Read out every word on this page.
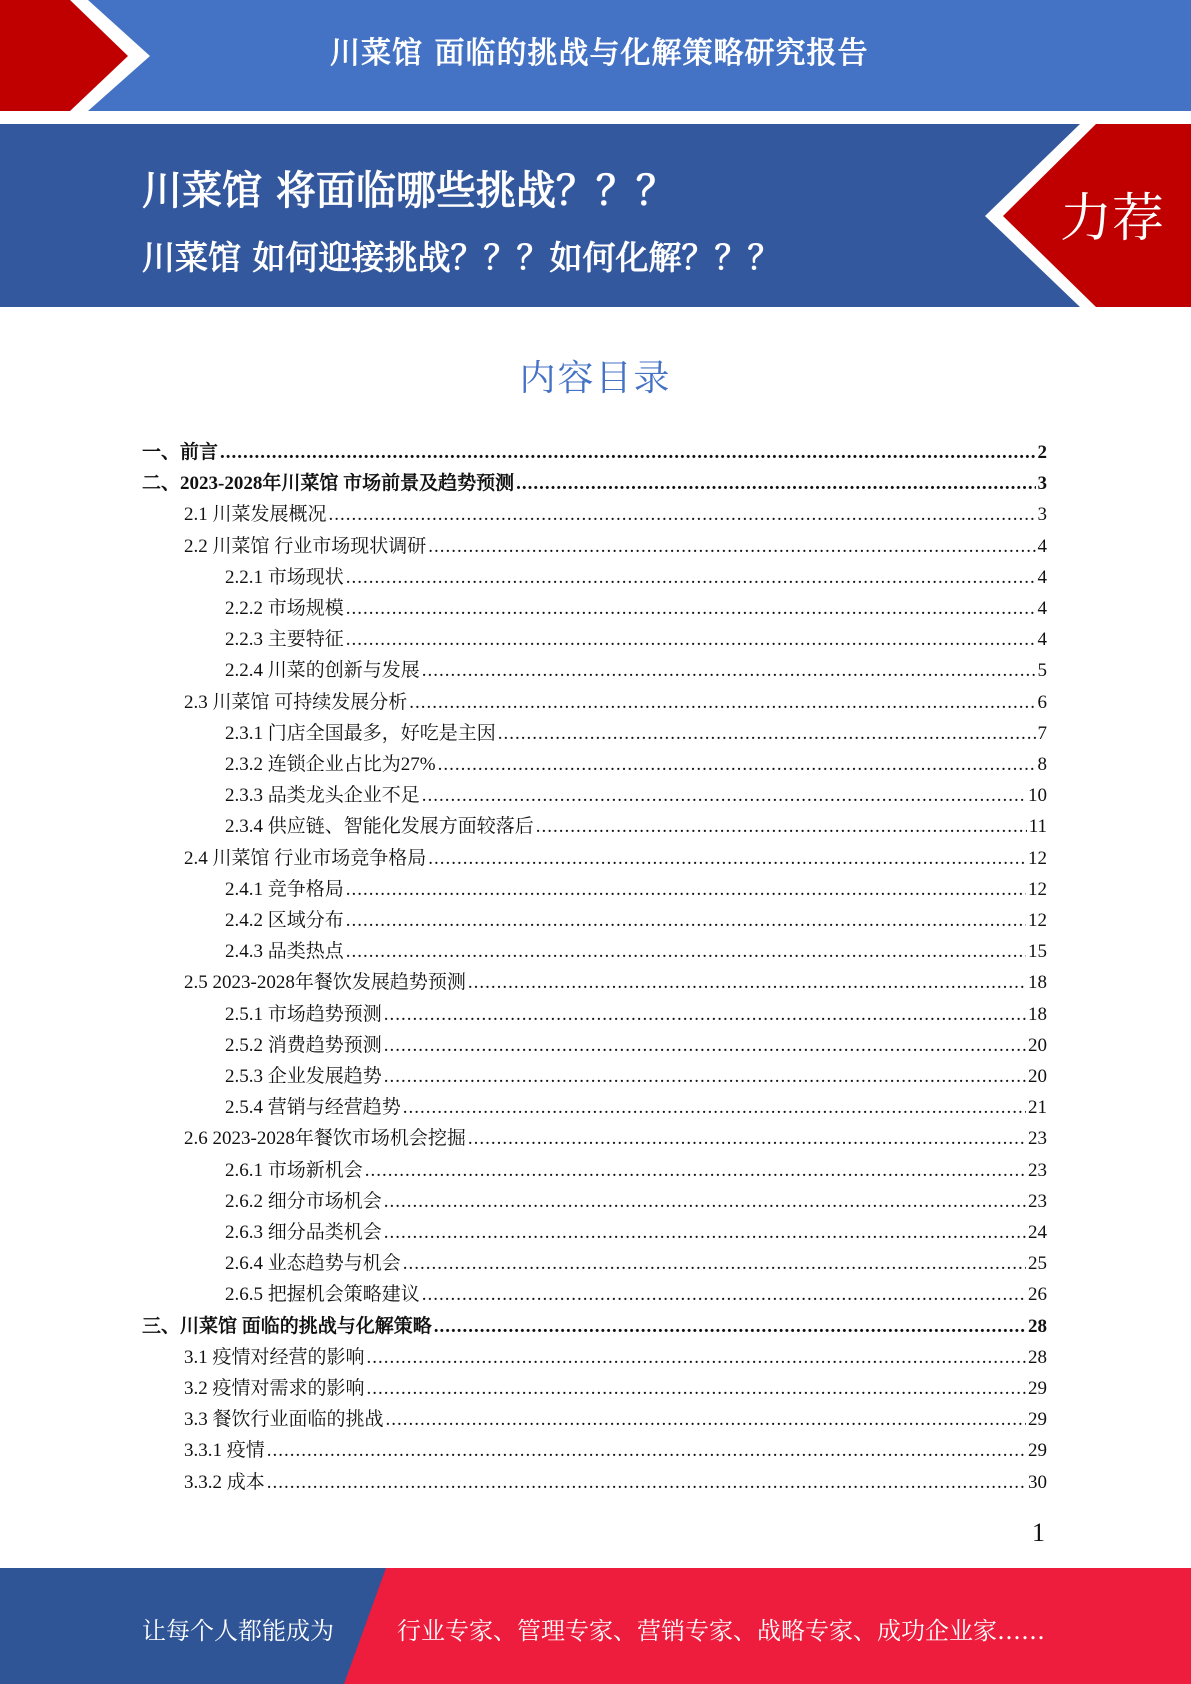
川菜馆 面临的挑战与化解策略研究报告
川菜馆 将面临哪些挑战？？？
川菜馆 如何迎接挑战？？？如何化解？？？
力荐
内容目录
一、前言 .....	2
二、2023-2028年川菜馆 市场前景及趋势预测 .....	3
2.1 川菜发展概况 .....	3
2.2 川菜馆 行业市场现状调研 .....	4
2.2.1 市场现状 .....	4
2.2.2 市场规模 .....	4
2.2.3 主要特征 .....	4
2.2.4 川菜的创新与发展 .....	5
2.3 川菜馆 可持续发展分析 .....	6
2.3.1 门店全国最多，好吃是主因 .....	7
2.3.2 连锁企业占比为27% .....	8
2.3.3 品类龙头企业不足 .....	10
2.3.4 供应链、智能化发展方面较落后 .....	11
2.4 川菜馆 行业市场竞争格局 .....	12
2.4.1 竞争格局 .....	12
2.4.2 区域分布 .....	12
2.4.3 品类热点 .....	15
2.5 2023-2028年餐饮发展趋势预测 .....	18
2.5.1 市场趋势预测 .....	18
2.5.2 消费趋势预测 .....	20
2.5.3 企业发展趋势 .....	20
2.5.4 营销与经营趋势 .....	21
2.6 2023-2028年餐饮市场机会挖掘 .....	23
2.6.1 市场新机会 .....	23
2.6.2 细分市场机会 .....	23
2.6.3 细分品类机会 .....	24
2.6.4 业态趋势与机会 .....	25
2.6.5 把握机会策略建议 .....	26
三、川菜馆 面临的挑战与化解策略 .....	28
3.1 疫情对经营的影响 .....	28
3.2 疫情对需求的影响 .....	29
3.3 餐饮行业面临的挑战 .....	29
3.3.1 疫情 .....	29
3.3.2 成本 .....	30
1
让每个人都能成为	行业专家、管理专家、营销专家、战略专家、成功企业家……
